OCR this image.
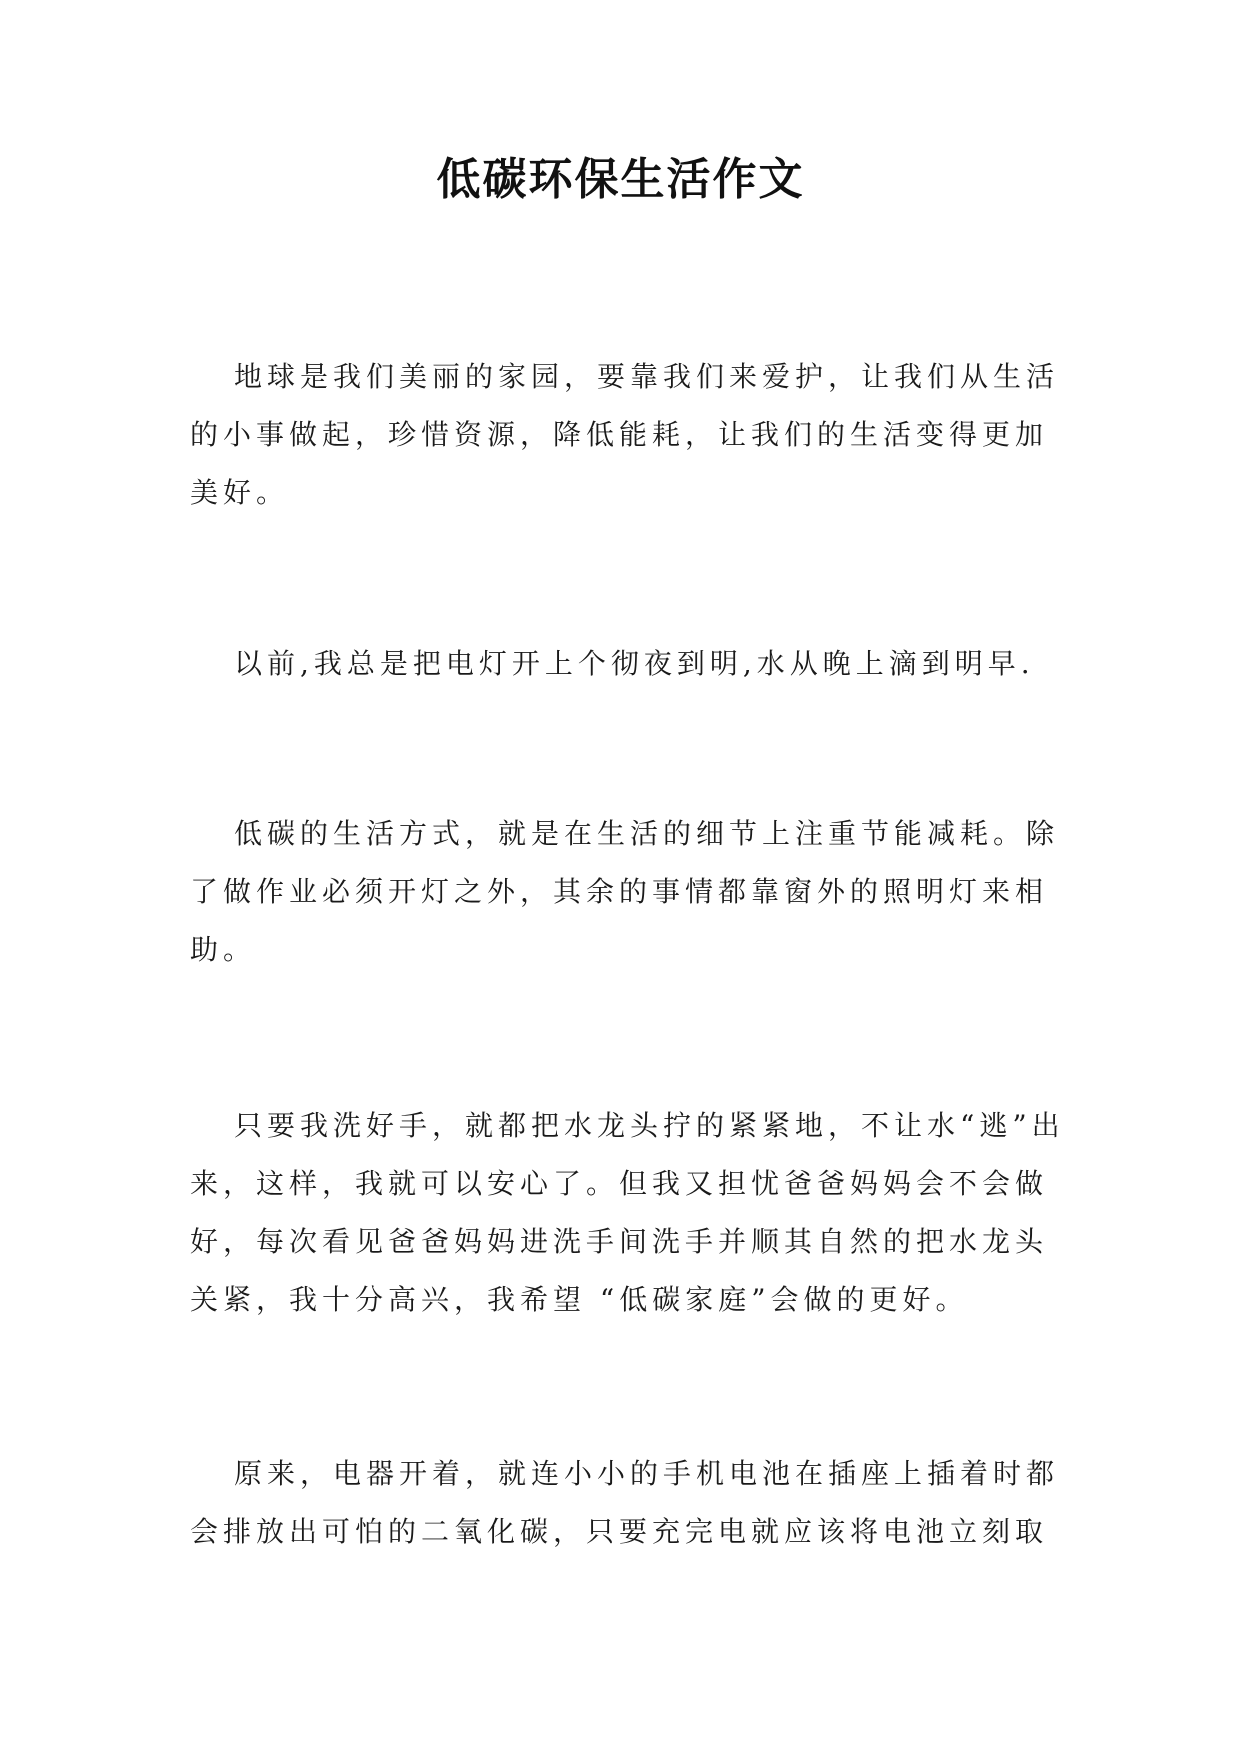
低碳环保生活作文

地球是我们美丽的家园，要靠我们来爱护，让我们从生活的小事做起，珍惜资源，降低能耗，让我们的生活变得更加美好。

以前,我总是把电灯开上个彻夜到明,水从晚上滴到明早.

低碳的生活方式，就是在生活的细节上注重节能减耗。除了做作业必须开灯之外，其余的事情都靠窗外的照明灯来相助。

只要我洗好手，就都把水龙头拧的紧紧地，不让水“逃”出来，这样，我就可以安心了。但我又担忧爸爸妈妈会不会做好，每次看见爸爸妈妈进洗手间洗手并顺其自然的把水龙头关紧，我十分高兴，我希望 “低碳家庭”会做的更好。

原来，电器开着，就连小小的手机电池在插座上插着时都会排放出可怕的二氧化碳，只要充完电就应该将电池立刻取
